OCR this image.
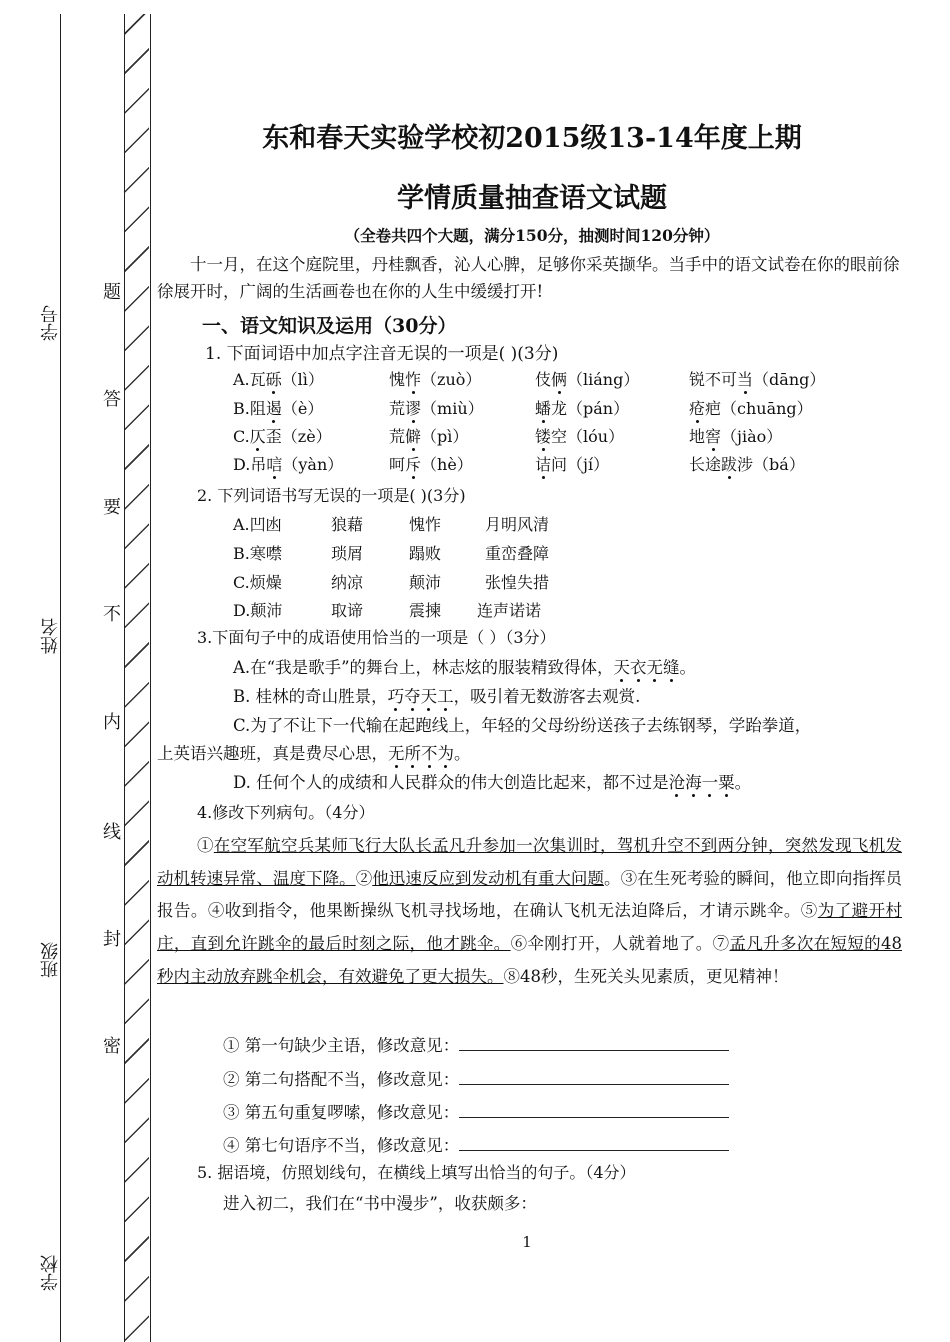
学号
姓名
班级
学校
题
答
要
不
内
线
封
密
东和春天实验学校初2015级13-14年度上期
学情质量抽查语文试题
（全卷共四个大题，满分150分，抽测时间120分钟）
十一月，在这个庭院里，丹桂飘香，沁人心脾，足够你采英撷华。当手中的语文试卷在你的眼前徐徐展开时，广阔的生活画卷也在你的人生中缓缓打开!
一、语文知识及运用（30分）
1. 下面词语中加点字注音无误的一项是( )(3分)
A.瓦砾（lì）	愧怍（zuò）	伎俩（liáng）	锐不可当（dāng）
B.阻遏（è）	荒谬（miù）	蟠龙（pán）	疮疤（chuāng）
C.仄歪（zè）	荒僻（pì）	镂空（lóu）	地窖（jiào）
D.吊唁（yàn）	呵斥（hè）	诘问（jí）	长途跋涉（bá）
2. 下列词语书写无误的一项是( )(3分)
A.凹凼	狼藉	愧怍	月明风清
B.寒噤	琐屑	蹋败	重峦叠障
C.烦燥	纳凉	颠沛	张惶失措
D.颠沛	取谛	震揀 连声诺诺
3.下面句子中的成语使用恰当的一项是（ ）（3分）
A.在“我是歌手”的舞台上，林志炫的服装精致得体，天衣无缝。
B. 桂林的奇山胜景，巧夺天工，吸引着无数游客去观赏.
C.为了不让下一代输在起跑线上，年轻的父母纷纷送孩子去练钢琴，学跆拳道，
上英语兴趣班，真是费尽心思，无所不为。
D. 任何个人的成绩和人民群众的伟大创造比起来，都不过是沧海一粟。
4.修改下列病句。（4分）
①在空军航空兵某师飞行大队长孟凡升参加一次集训时，驾机升空不到两分钟，突然发现飞机发动机转速异常、温度下降。②他迅速反应到发动机有重大问题。③在生死考验的瞬间，他立即向指挥员报告。④收到指令，他果断操纵飞机寻找场地，在确认飞机无法迫降后，才请示跳伞。⑤为了避开村庄，直到允许跳伞的最后时刻之际，他才跳伞。⑥伞刚打开，人就着地了。⑦孟凡升多次在短短的48秒内主动放弃跳伞机会，有效避免了更大损失。⑧48秒，生死关头见素质，更见精神！
① 第一句缺少主语，修改意见：
② 第二句搭配不当，修改意见：
③ 第五句重复啰嗦，修改意见：
④ 第七句语序不当，修改意见：
5. 据语境，仿照划线句，在横线上填写出恰当的句子。（4分）
进入初二，我们在“书中漫步”，收获颇多：
1
